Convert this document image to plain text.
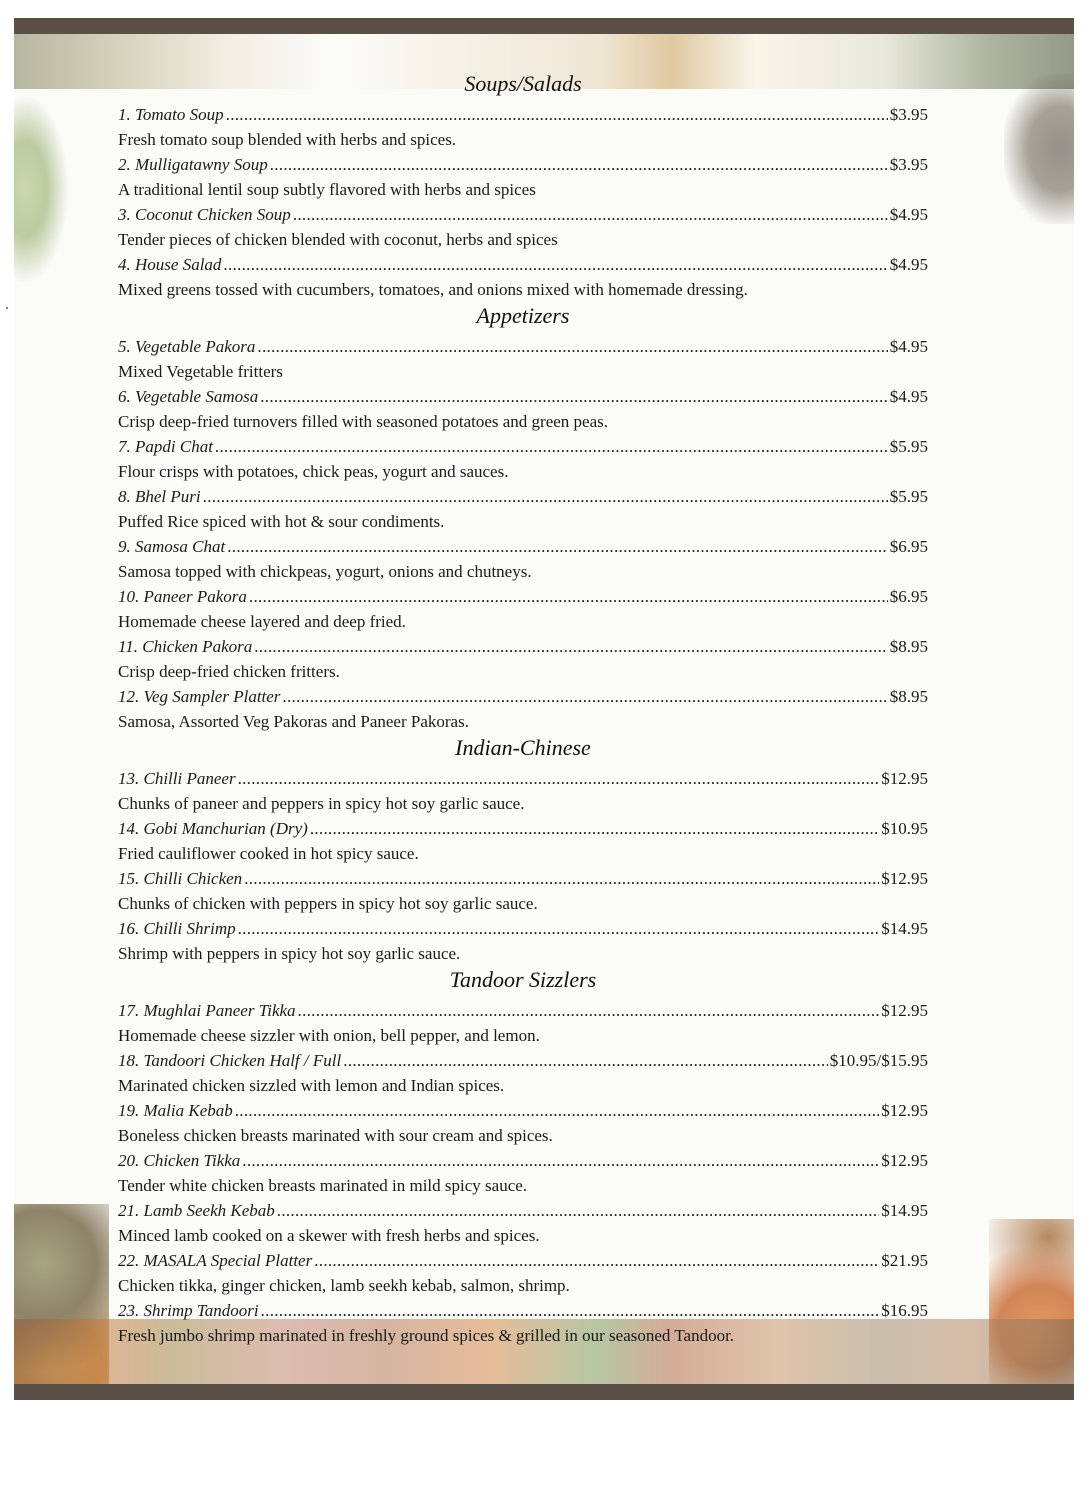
Soups/Salads
1. Tomato Soup .....	$3.95
Fresh tomato soup blended with herbs and spices.
2. Mulligatawny Soup .....	$3.95
A traditional lentil soup subtly flavored with herbs and spices
3. Coconut Chicken Soup .....	$4.95
Tender pieces of chicken blended with coconut, herbs and spices
4. House Salad .....	$4.95
Mixed greens tossed with cucumbers, tomatoes, and onions mixed with homemade dressing.
Appetizers
5. Vegetable Pakora .....	$4.95
Mixed Vegetable fritters
6. Vegetable Samosa .....	$4.95
Crisp deep-fried turnovers filled with seasoned potatoes and green peas.
7. Papdi Chat .....	$5.95
Flour crisps with potatoes, chick peas, yogurt and sauces.
8. Bhel Puri .....	$5.95
Puffed Rice spiced with hot & sour condiments.
9. Samosa Chat .....	$6.95
Samosa topped with chickpeas, yogurt, onions and chutneys.
10. Paneer Pakora .....	$6.95
Homemade cheese layered and deep fried.
11. Chicken Pakora .....	$8.95
Crisp deep-fried chicken fritters.
12. Veg Sampler Platter .....	$8.95
Samosa, Assorted Veg Pakoras and Paneer Pakoras.
Indian-Chinese
13. Chilli Paneer .....	$12.95
Chunks of paneer and peppers in spicy hot soy garlic sauce.
14. Gobi Manchurian (Dry) .....	$10.95
Fried cauliflower cooked in hot spicy sauce.
15. Chilli Chicken .....	$12.95
Chunks of chicken with peppers in spicy hot soy garlic sauce.
16. Chilli Shrimp .....	$14.95
Shrimp with peppers in spicy hot soy garlic sauce.
Tandoor Sizzlers
17. Mughlai Paneer Tikka .....	$12.95
Homemade cheese sizzler with onion, bell pepper, and lemon.
18. Tandoori Chicken Half / Full .....	$10.95/$15.95
Marinated chicken sizzled with lemon and Indian spices.
19. Malia Kebab .....	$12.95
Boneless chicken breasts marinated with sour cream and spices.
20. Chicken Tikka .....	$12.95
Tender white chicken breasts marinated in mild spicy sauce.
21. Lamb Seekh Kebab .....	$14.95
Minced lamb cooked on a skewer with fresh herbs and spices.
22. MASALA Special Platter .....	$21.95
Chicken tikka, ginger chicken, lamb seekh kebab, salmon, shrimp.
23. Shrimp Tandoori .....	$16.95
Fresh jumbo shrimp marinated in freshly ground spices & grilled in our seasoned Tandoor.
